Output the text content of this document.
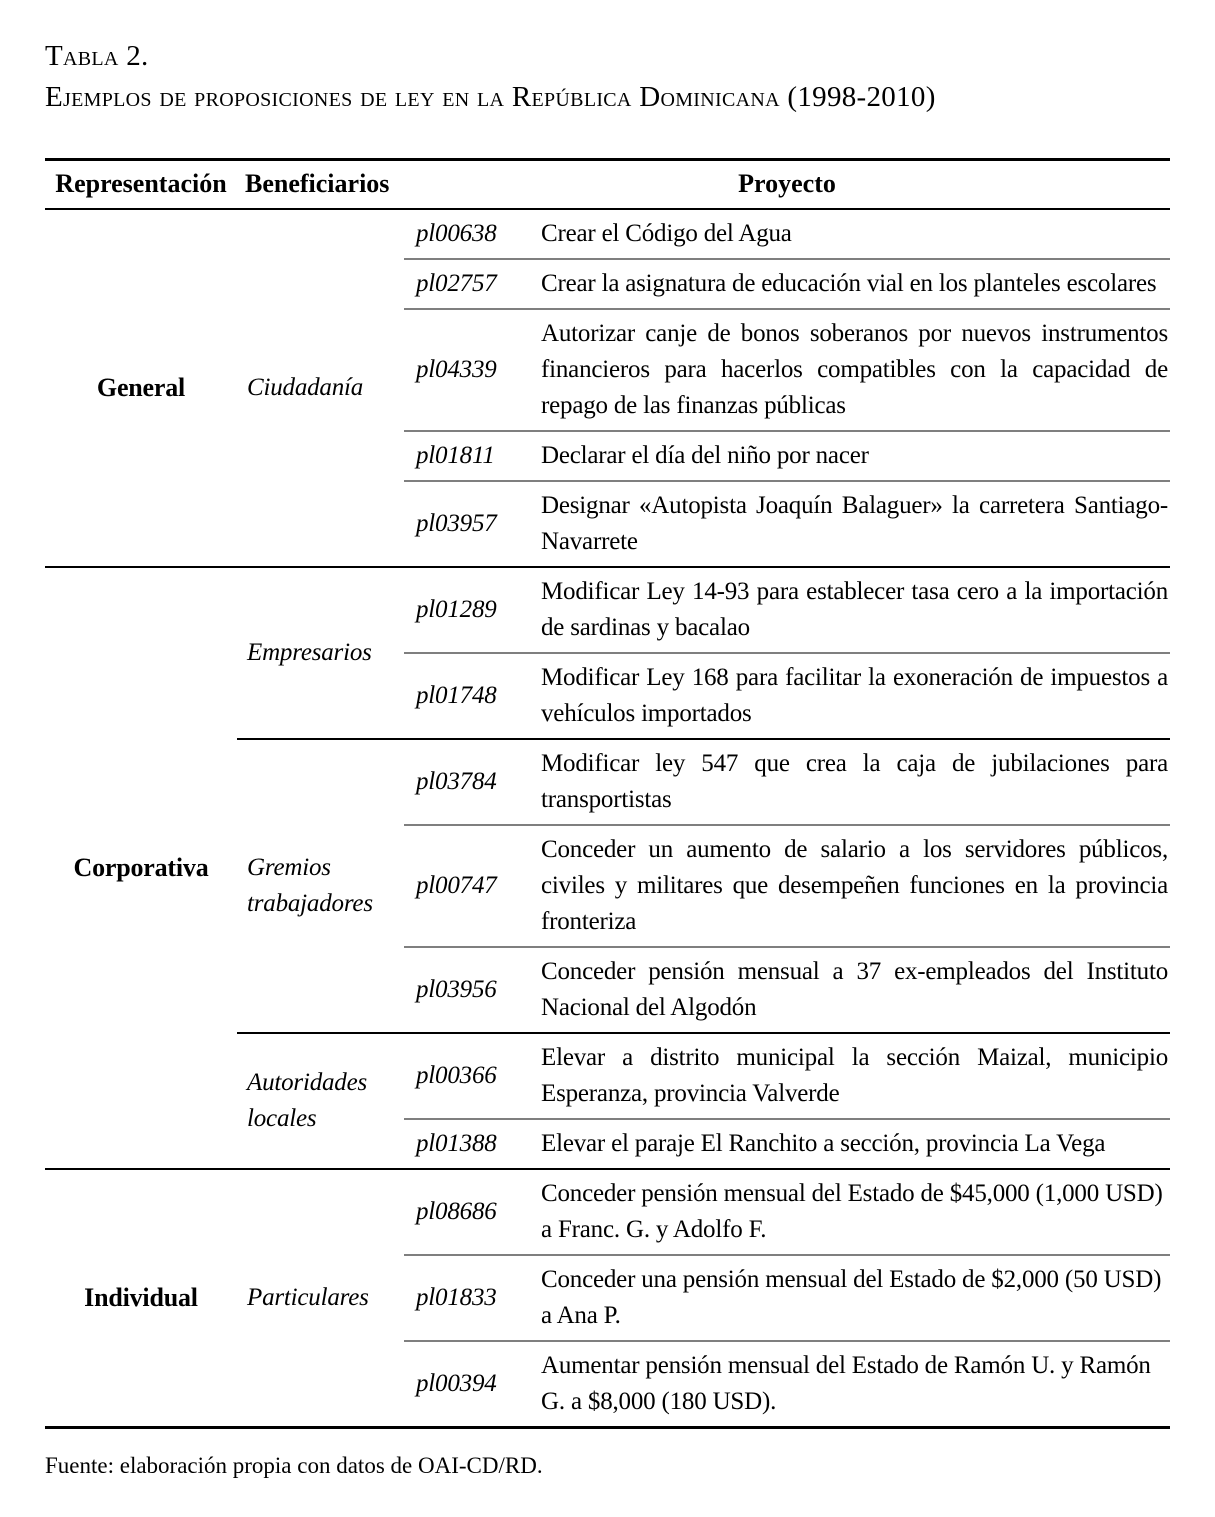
Tabla 2.
Ejemplos de proposiciones de ley en la República Dominicana (1998-2010)
Representación	Beneficiarios	Proyecto	
General	Ciudadanía	pl00638	Crear el Código del Agua
		pl02757	Crear la asignatura de educación vial en los planteles escolares
		pl04339	Autorizar canje de bonos soberanos por nuevos instrumentos financieros para hacerlos compatibles con la capacidad de repago de las finanzas públicas
		pl01811	Declarar el día del niño por nacer
		pl03957	Designar «Autopista Joaquín Balaguer» la carretera Santiago-Navarrete
Corporativa	Empresarios	pl01289	Modificar Ley 14-93 para establecer tasa cero a la importación de sardinas y bacalao
		pl01748	Modificar Ley 168 para facilitar la exoneración de impuestos a vehículos importados
	Gremios trabajadores	pl03784	Modificar ley 547 que crea la caja de jubilaciones para transportistas
		pl00747	Conceder un aumento de salario a los servidores públicos, civiles y militares que desempeñen funciones en la provincia fronteriza
		pl03956	Conceder pensión mensual a 37 ex-empleados del Instituto Nacional del Algodón
	Autoridades locales	pl00366	Elevar a distrito municipal la sección Maizal, municipio Esperanza, provincia Valverde
		pl01388	Elevar el paraje El Ranchito a sección, provincia La Vega
Individual	Particulares	pl08686	Conceder pensión mensual del Estado de $45,000 (1,000 USD) a Franc. G. y Adolfo F.
		pl01833	Conceder una pensión mensual del Estado de $2,000 (50 USD) a Ana P.
		pl00394	Aumentar pensión mensual del Estado de Ramón U. y Ramón G. a $8,000 (180 USD).
Fuente: elaboración propia con datos de OAI-CD/RD.
